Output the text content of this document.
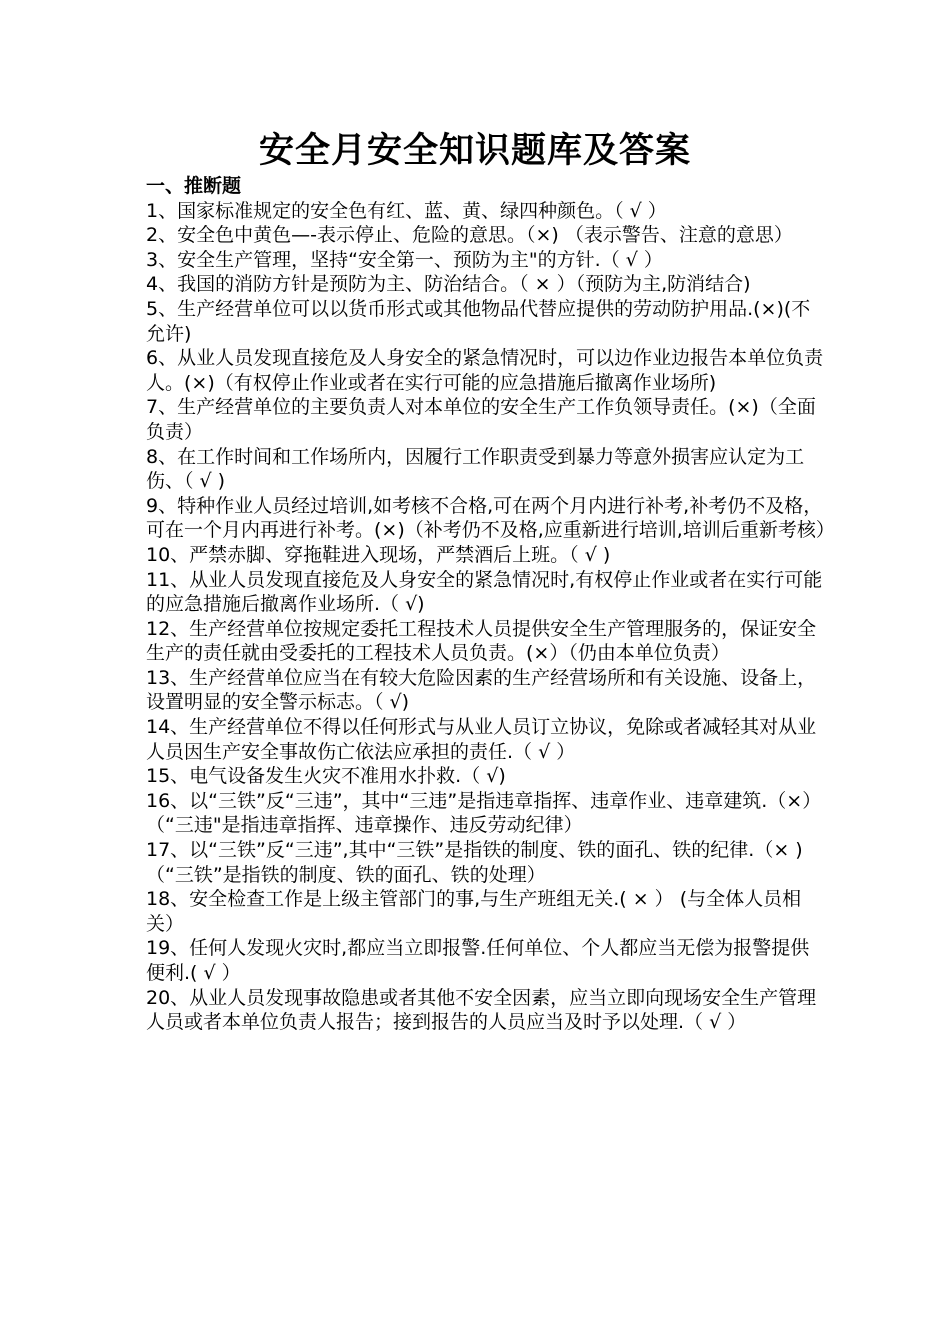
安全月安全知识题库及答案
一、推断题

1、国家标准规定的安全色有红、蓝、黄、绿四种颜色。（ √ ）

2、安全色中黄色—-表示停止、危险的意思。（×) （表示警告、注意的意思）

3、安全生产管理，坚持“安全第一、预防为主"的方针.（ √ ）

4、我国的消防方针是预防为主、防治结合。（ × ）（预防为主,防消结合)

5、生产经营单位可以以货币形式或其他物品代替应提供的劳动防护用品.(×)(不允许)

6、从业人员发现直接危及人身安全的紧急情况时，可以边作业边报告本单位负责人。(×)（有权停止作业或者在实行可能的应急措施后撤离作业场所)

7、生产经营单位的主要负责人对本单位的安全生产工作负领导责任。(×)（全面负责）

8、在工作时间和工作场所内，因履行工作职责受到暴力等意外损害应认定为工伤、（ √ )

9、特种作业人员经过培训,如考核不合格,可在两个月内进行补考,补考仍不及格，可在一个月内再进行补考。(×)（补考仍不及格,应重新进行培训,培训后重新考核）

10、严禁赤脚、穿拖鞋进入现场，严禁酒后上班。（ √ )

11、从业人员发现直接危及人身安全的紧急情况时,有权停止作业或者在实行可能的应急措施后撤离作业场所.（ √)

12、生产经营单位按规定委托工程技术人员提供安全生产管理服务的，保证安全生产的责任就由受委托的工程技术人员负责。(×）（仍由本单位负责）

13、生产经营单位应当在有较大危险因素的生产经营场所和有关设施、设备上，设置明显的安全警示标志。（ √)

14、生产经营单位不得以任何形式与从业人员订立协议，免除或者减轻其对从业人员因生产安全事故伤亡依法应承担的责任.（ √ ）

15、电气设备发生火灾不准用水扑救.（ √)

16、以“三铁”反“三违”，其中“三违”是指违章指挥、违章作业、违章建筑.（×） （“三违"是指违章指挥、违章操作、违反劳动纪律）

17、以“三铁”反“三违”,其中“三铁”是指铁的制度、铁的面孔、铁的纪律.（× )（“三铁”是指铁的制度、铁的面孔、铁的处理）

18、安全检查工作是上级主管部门的事,与生产班组无关.( × ） (与全体人员相关）

19、任何人发现火灾时,都应当立即报警.任何单位、个人都应当无偿为报警提供便利.( √ ）

20、从业人员发现事故隐患或者其他不安全因素，应当立即向现场安全生产管理人员或者本单位负责人报告；接到报告的人员应当及时予以处理.（ √ ）
